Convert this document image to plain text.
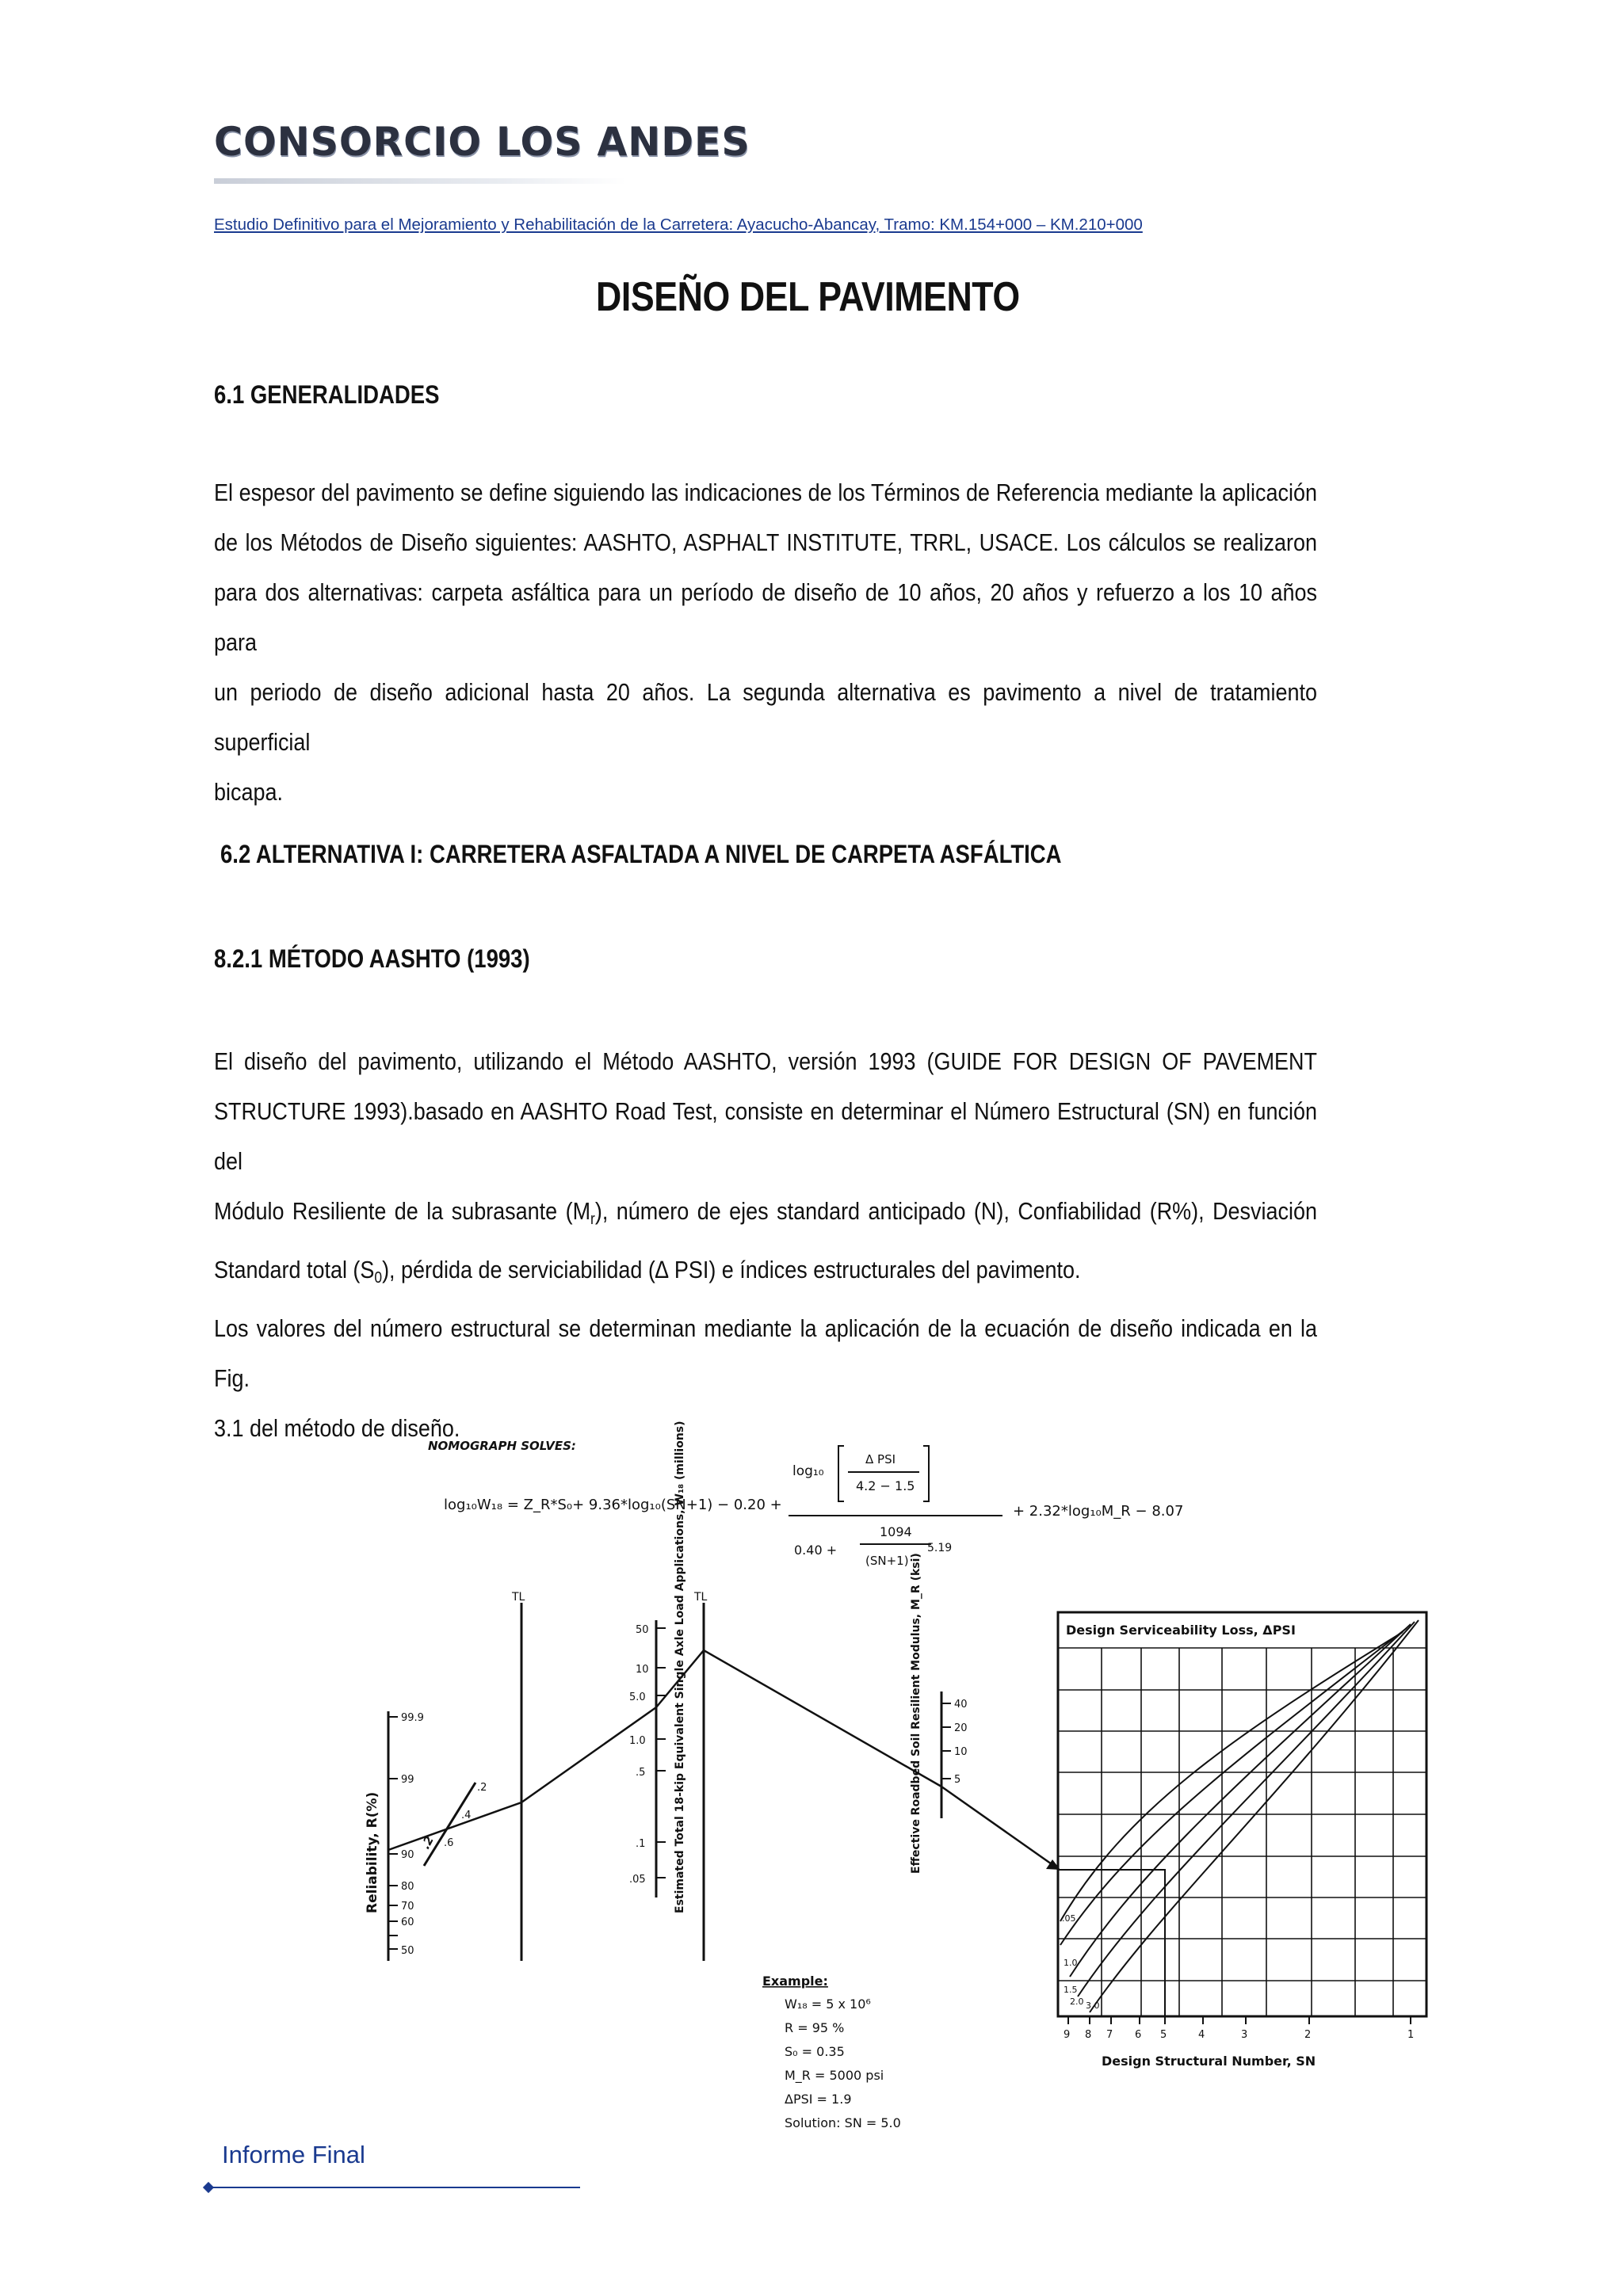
CONSORCIO LOS ANDES
Estudio Definitivo para el Mejoramiento y Rehabilitación de la Carretera: Ayacucho-Abancay, Tramo: KM.154+000 – KM.210+000
DISEÑO DEL PAVIMENTO
6.1 GENERALIDADES
El espesor del pavimento se define siguiendo las indicaciones de los Términos de Referencia mediante la aplicación
de los Métodos de Diseño siguientes: AASHTO, ASPHALT INSTITUTE, TRRL, USACE. Los cálculos se realizaron
para dos alternativas: carpeta asfáltica para un período de diseño de 10 años, 20 años y refuerzo a los 10 años para
un periodo de diseño adicional hasta 20 años. La segunda alternativa es pavimento a nivel de tratamiento superficial
bicapa.
6.2 ALTERNATIVA I: CARRETERA ASFALTADA A NIVEL DE CARPETA ASFÁLTICA
8.2.1 MÉTODO AASHTO (1993)
El diseño del pavimento, utilizando el Método AASHTO, versión 1993 (GUIDE FOR DESIGN OF PAVEMENT
STRUCTURE 1993).basado en AASHTO Road Test, consiste en determinar el Número Estructural (SN) en función del
Módulo Resiliente de la subrasante $(M_r)$, número de ejes standard anticipado (N), Confiabilidad (R%), Desviación
Standard total $(S_0)$, pérdida de serviciabilidad (∆ PSI) e índices estructurales del pavimento.
Los valores del número estructural se determinan mediante la aplicación de la ecuación de diseño indicada en la Fig.
3.1 del método de diseño.
NOMOGRAPH SOLVES:
log₁₀W₁₈ = Z_R*S₀+ 9.36*log₁₀(SN+1) − 0.20 +
log₁₀
Δ PSI
4.2 − 1.5
1094
0.40 +
(SN+1)
5.19
+ 2.32*log₁₀M_R − 8.07
99.9
99
90
80
70
60
50
Reliability, R(%)
.2
.4
.6
.2
TL	TL
50
10
5.0
1.0
.5
.1
.05	Estimated Total 18-kip Equivalent Single Axle Load Applications, W₁₈ (millions)	40
20
10
5
Effective Roadbed Soil Resilient Modulus, M_R (ksi)	Design Serviceability Loss, ΔPSI
.05
1.0
1.5
2.0 3.0
9 8 7 6 5	4	3	2	1
Design Structural Number, SN
Example:
W₁₈ = 5 x 10⁶
R = 95 %
S₀ = 0.35
M_R = 5000 psi
ΔPSI = 1.9
Solution: SN = 5.0
Informe Final
